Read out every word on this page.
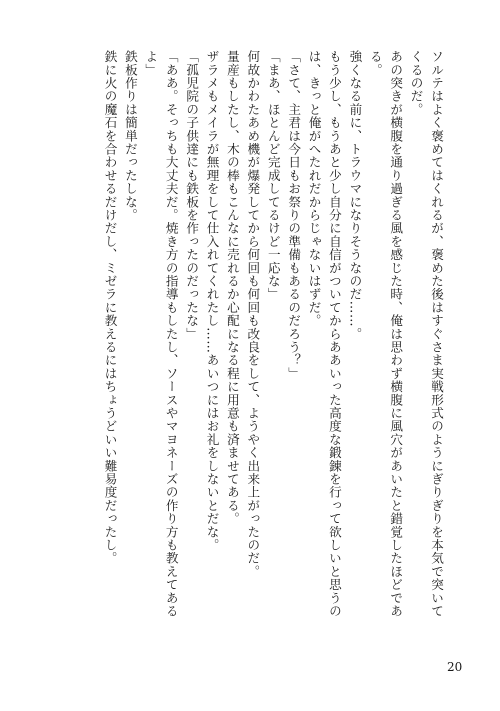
ソルテはよく褒めてはくれるが、褒めた後はすぐさま実戦形式のようにぎりぎりを本気で突いて
くるのだ。
あの突きが横腹を通り過ぎる風を感じた時、俺は思わず横腹に風穴があいたと錯覚したほどであ
る。
強くなる前に、トラウマになりそうなのだ……。
もう少し、もうあと少し自分に自信がついてからああいった高度な鍛錬を行って欲しいと思うの
は、きっと俺がへたれだからじゃないはずだ。
「さて、主君は今日もお祭りの準備もあるのだろう？」
「まあ、ほとんど完成してるけど一応な」
何故かわたあめ機が爆発してから何回も何回も改良をして、ようやく出来上がったのだ。
量産もしたし、木の棒もこんなに売れるか心配になる程に用意も済ませてある。
ザラメもメイラが無理をして仕入れてくれたし……あいつにはお礼をしないとだな。
「孤児院の子供達にも鉄板を作ったのだったな」
「ああ。そっちも大丈夫だ。焼き方の指導もしたし、ソースやマヨネーズの作り方も教えてある
よ」
鉄板作りは簡単だったしな。
鉄に火の魔石を合わせるだけだし、ミゼラに教えるにはちょうどいい難易度だったし。
20
